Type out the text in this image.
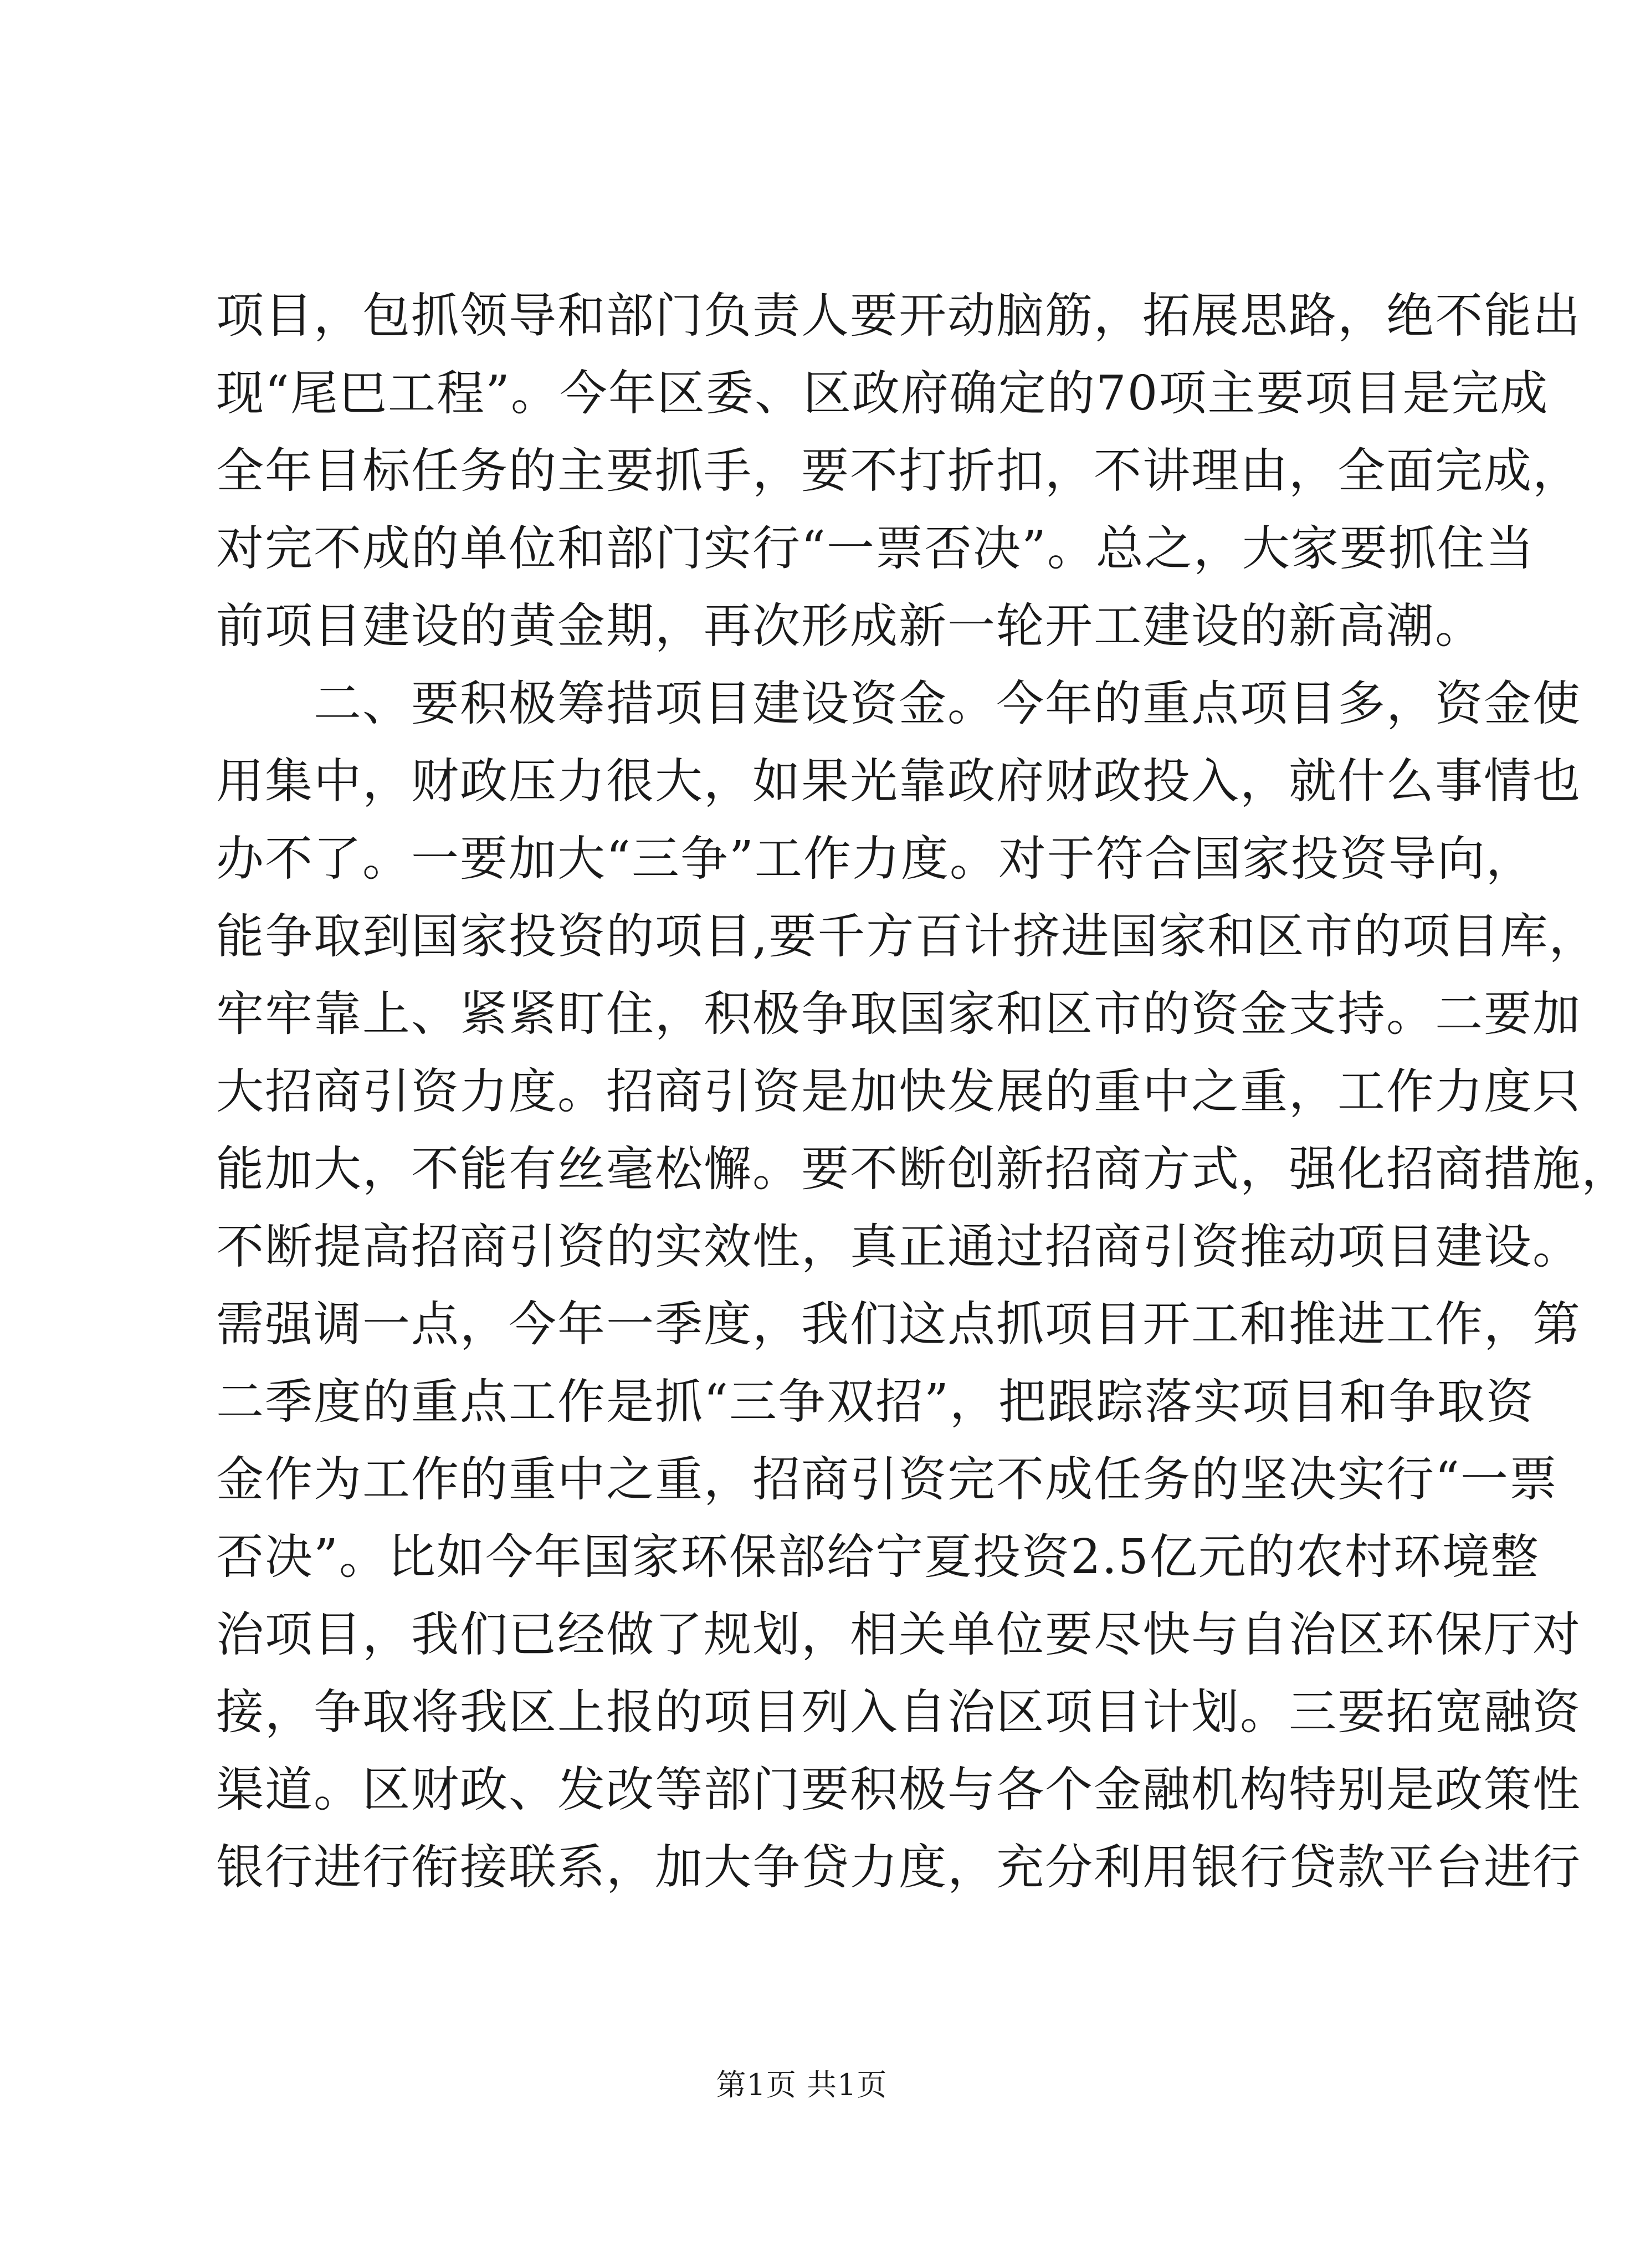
项目，包抓领导和部门负责人要开动脑筋，拓展思路，绝不能出
现“尾巴工程”。今年区委、区政府确定的70项主要项目是完成
全年目标任务的主要抓手，要不打折扣，不讲理由，全面完成，
对完不成的单位和部门实行“一票否决”。总之，大家要抓住当
前项目建设的黄金期，再次形成新一轮开工建设的新高潮。
　　二、要积极筹措项目建设资金。今年的重点项目多，资金使
用集中，财政压力很大，如果光靠政府财政投入，就什么事情也
办不了。一要加大“三争”工作力度。对于符合国家投资导向，
能争取到国家投资的项目,要千方百计挤进国家和区市的项目库，
牢牢靠上、紧紧盯住，积极争取国家和区市的资金支持。二要加
大招商引资力度。招商引资是加快发展的重中之重，工作力度只
能加大，不能有丝毫松懈。要不断创新招商方式，强化招商措施，
不断提高招商引资的实效性，真正通过招商引资推动项目建设。
需强调一点，今年一季度，我们这点抓项目开工和推进工作，第
二季度的重点工作是抓“三争双招”，把跟踪落实项目和争取资
金作为工作的重中之重，招商引资完不成任务的坚决实行“一票
否决”。比如今年国家环保部给宁夏投资2.5亿元的农村环境整
治项目，我们已经做了规划，相关单位要尽快与自治区环保厅对
接，争取将我区上报的项目列入自治区项目计划。三要拓宽融资
渠道。区财政、发改等部门要积极与各个金融机构特别是政策性
银行进行衔接联系，加大争贷力度，充分利用银行贷款平台进行
第1页 共1页
